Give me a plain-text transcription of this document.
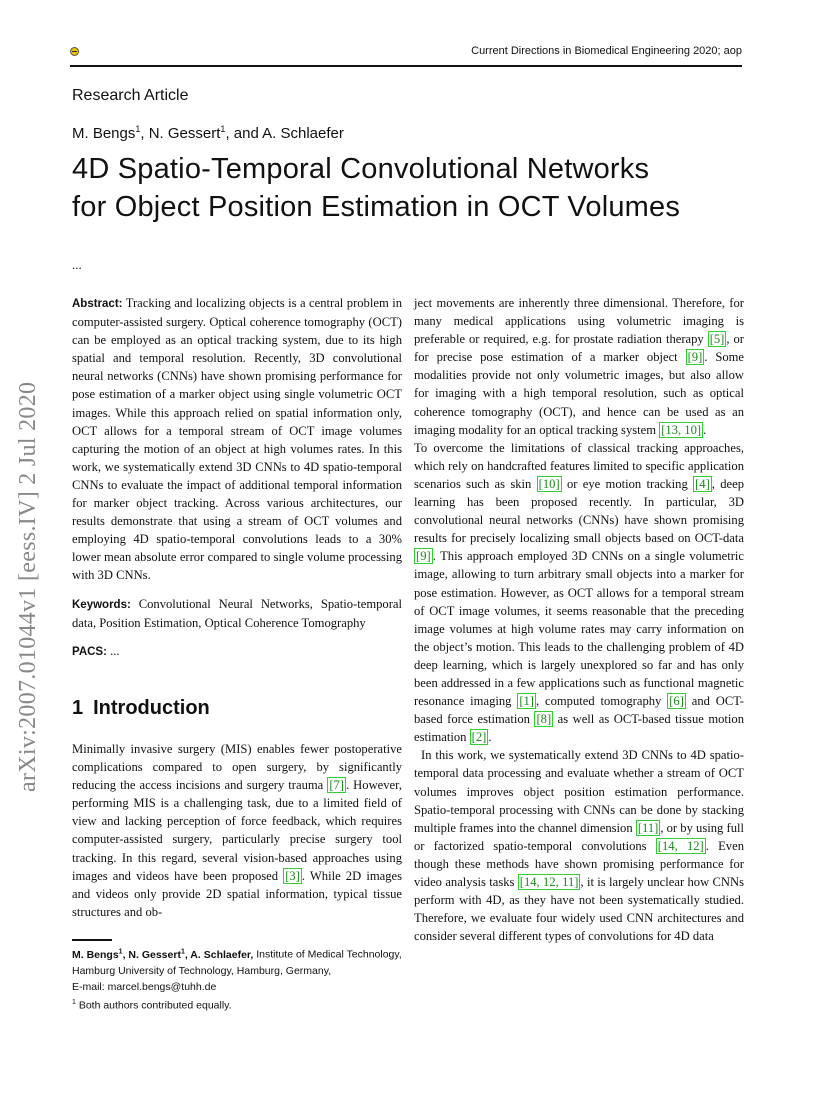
Current Directions in Biomedical Engineering 2020; aop
Research Article
M. Bengs$^1$, N. Gessert$^1$, and A. Schlaefer
4D Spatio-Temporal Convolutional Networks
for Object Position Estimation in OCT Volumes
...
arXiv:2007.01044v1 [eess.IV] 2 Jul 2020

Abstract: Tracking and localizing objects is a central problem in computer-assisted surgery. Optical coherence tomography (OCT) can be employed as an optical tracking system, due to its high spatial and temporal resolution. Recently, 3D convolutional neural networks (CNNs) have shown promising performance for pose estimation of a marker object using single volumetric OCT images. While this approach relied on spatial information only, OCT allows for a temporal stream of OCT image volumes capturing the motion of an object at high volumes rates. In this work, we systematically extend 3D CNNs to 4D spatio-temporal CNNs to evaluate the impact of additional temporal information for marker object tracking. Across various architectures, our results demonstrate that using a stream of OCT volumes and employing 4D spatio-temporal convolutions leads to a 30% lower mean absolute error compared to single volume processing with 3D CNNs.

Keywords: Convolutional Neural Networks, Spatio-temporal data, Position Estimation, Optical Coherence Tomography

PACS: ...

1 Introduction

Minimally invasive surgery (MIS) enables fewer postoperative complications compared to open surgery, by significantly reducing the access incisions and surgery trauma [7] . However, performing MIS is a challenging task, due to a limited field of view and lacking perception of force feedback, which requires computer-assisted surgery, particularly precise surgery tool tracking. In this regard, several vision-based approaches using images and videos have been proposed [3] . While 2D images and videos only provide 2D spatial information, typical tissue structures and ob-

ject movements are inherently three dimensional. Therefore, for many medical applications using volumetric imaging is preferable or required, e.g. for prostate radiation therapy [5] , or for precise pose estimation of a marker object [9] . Some modalities provide not only volumetric images, but also allow for imaging with a high temporal resolution, such as optical coherence tomography (OCT), and hence can be used as an imaging modality for an optical tracking system [13, 10] .

To overcome the limitations of classical tracking approaches, which rely on handcrafted features limited to specific application scenarios such as skin [10] or eye motion tracking [4] , deep learning has been proposed recently. In particular, 3D convolutional neural networks (CNNs) have shown promising results for precisely localizing small objects based on OCT-data [9] . This approach employed 3D CNNs on a single volumetric image, allowing to turn arbitrary small objects into a marker for pose estimation. However, as OCT allows for a temporal stream of OCT image volumes, it seems reasonable that the preceding image volumes at high volume rates may carry information on the object’s motion. This leads to the challenging problem of 4D deep learning, which is largely unexplored so far and has only been addressed in a few applications such as functional magnetic resonance imaging [1] , computed tomography [6] and OCT-based force estimation [8] as well as OCT-based tissue motion estimation [2] .

In this work, we systematically extend 3D CNNs to 4D spatio-temporal data processing and evaluate whether a stream of OCT volumes improves object position estimation performance. Spatio-temporal processing with CNNs can be done by stacking multiple frames into the channel dimension [11] , or by using full or factorized spatio-temporal convolutions [14, 12] . Even though these methods have shown promising performance for video analysis tasks [14, 12, 11] , it is largely unclear how CNNs perform with 4D, as they have not been systematically studied. Therefore, we evaluate four widely used CNN architectures and consider several different types of convolutions for 4D data

M. Bengs$^1$, N. Gessert$^1$, A. Schlaefer, Institute of Medical Technology, Hamburg University of Technology, Hamburg, Germany,

E-mail: marcel.bengs@tuhh.de

$^1$ Both authors contributed equally.
